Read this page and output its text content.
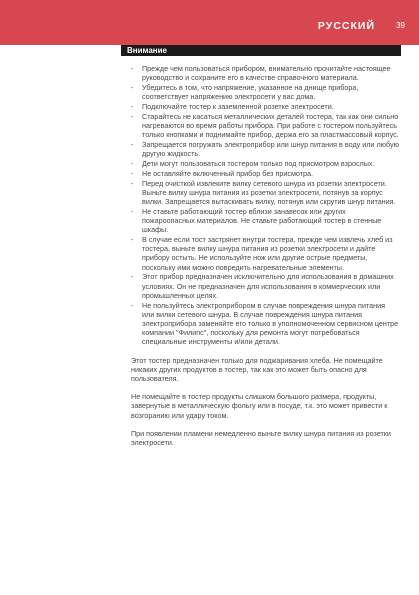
РУССКИЙ	39
Внимание
- Прежде чем пользоваться прибором, внимательно прочитайте настоящее руководство и сохраните его в качестве справочного материала.
- Убедитесь в том, что напряжение, указанное на днище прибора, соответствует напряжению электросети у вас дома.
- Подключайте тостер к заземленной розетке электросети.
- Старайтесь не касаться металлических деталей тостера, так как они сильно нагреваются во время работы прибора. При работе с тостером пользуйтесь только кнопками и поднимайте прибор, держа его за пластмассовый корпус.
- Запрещается погружать электроприбор или шнур питания в воду или любую другую жидкость.
- Дети могут пользоваться тостером только под присмотром взрослых.
- Не оставляйте включенный прибор без присмотра.
- Перед очисткой извлеките вилку сетевого шнура из розетки электросети. Выньте вилку шнура питания из розетки электросети, потянув за корпус вилки. Запрещается вытаскивать вилку, потянув или скрутив шнур питания.
- Не ставьте работающий тостер вблизи занавесок или других пожароопасных материалов. Не ставьте работающий тостер в стенные шкафы.
- В случае если тост застрянет внутри тостера, прежде чем извлечь хлеб из тостера, выньте вилку шнура питания из розетки электросети и дайте прибору остыть. Не используйте нож или другие острые предметы, поскольку ими можно повредить нагревательные элементы.
- Этот прибор предназначен исключительно для использования в домашних условиях. Он не предназначен для использования в коммерческих или промышленных целях.
- Не пользуйтесь электроприбором в случае повреждения шнура питания или вилки сетевого шнура. В случае повреждения шнура питания электроприбора заменяйте его только в уполномоченном сервисном центре компании "Филипс", поскольку для ремонта могут потребоваться специальные инструменты и/или детали.

Этот тостер предназначен только для поджаривания хлеба. Не помещайте никаких других продуктов в тостер, так как это может быть опасно для пользователя.

Не помещайте в тостер продукты слишком большого размера, продукты, завернутые в металлическую фольгу или в посуде, т.к. это может привести к возгоранию или удару током.

При появлении пламени немедленно выньте вилку шнура питания из розетки электросети.
